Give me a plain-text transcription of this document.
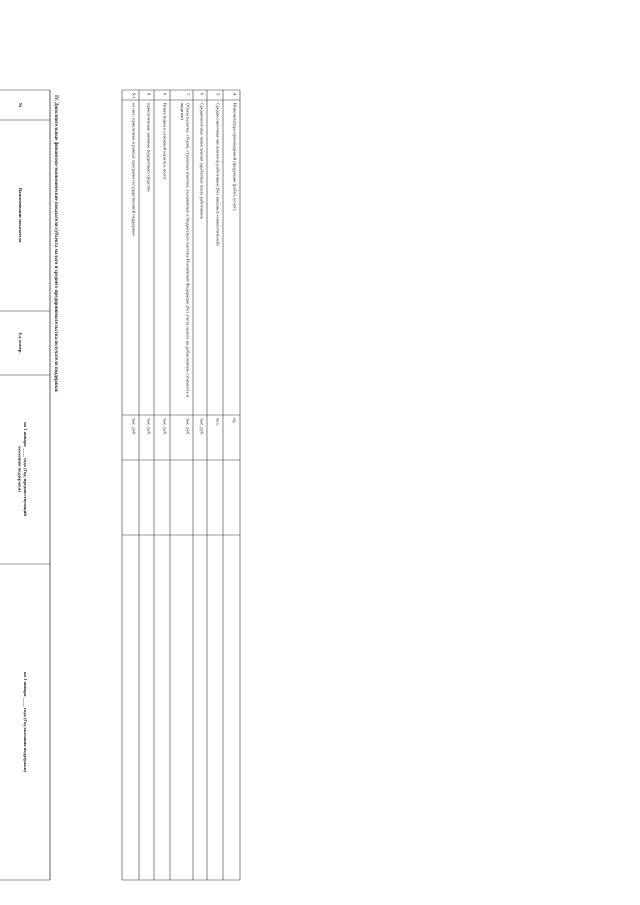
4
Номенклатура производимой продукции (работ, услуг)
ед.
5
Среднесписочная численность работников (без внешних совместителей)
чел.
6
Среднемесячная начисленная заработная плата работников
тыс. руб.
7
Объем налогов, сборов, страховых взносов, уплаченных в бюджетную систему Российской Федерации (без учета налога на добавленную стоимость иакцизов)
тыс. руб.
8
Инвестиции в основной капитал, всего:
тыс. руб.
9
привлеченные заемные (кредитные) средства
тыс. руб.
9.1
из них: привлечено в рамках программ государственной поддержки
тыс. руб.
IV. Дополнительные финансово-экономические показатели субъекта малого и среднего предпринимательства получателя поддержки:
№
Наименование показателя
Ед. измер.
на 1 января ____ года (Год, предшествующийоказанию поддержки)
на 1 января ____ года (Год оказания поддержки)
